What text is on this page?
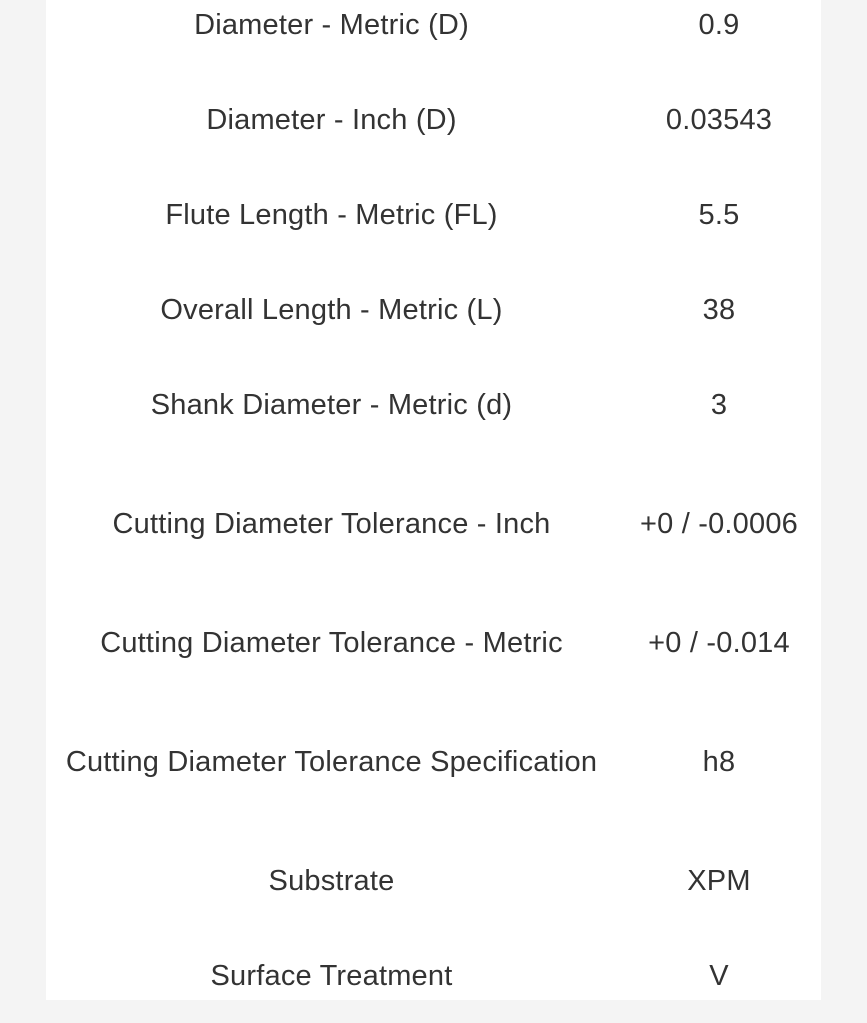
Diameter - Metric (D)	0.9
Diameter - Inch (D)	0.03543
Flute Length - Metric (FL)	5.5
Overall Length - Metric (L)	38
Shank Diameter - Metric (d)	3
Cutting Diameter Tolerance - Inch	+0 / -0.0006
Cutting Diameter Tolerance - Metric	+0 / -0.014
Cutting Diameter Tolerance Specification	h8
Substrate	XPM
Surface Treatment	V
